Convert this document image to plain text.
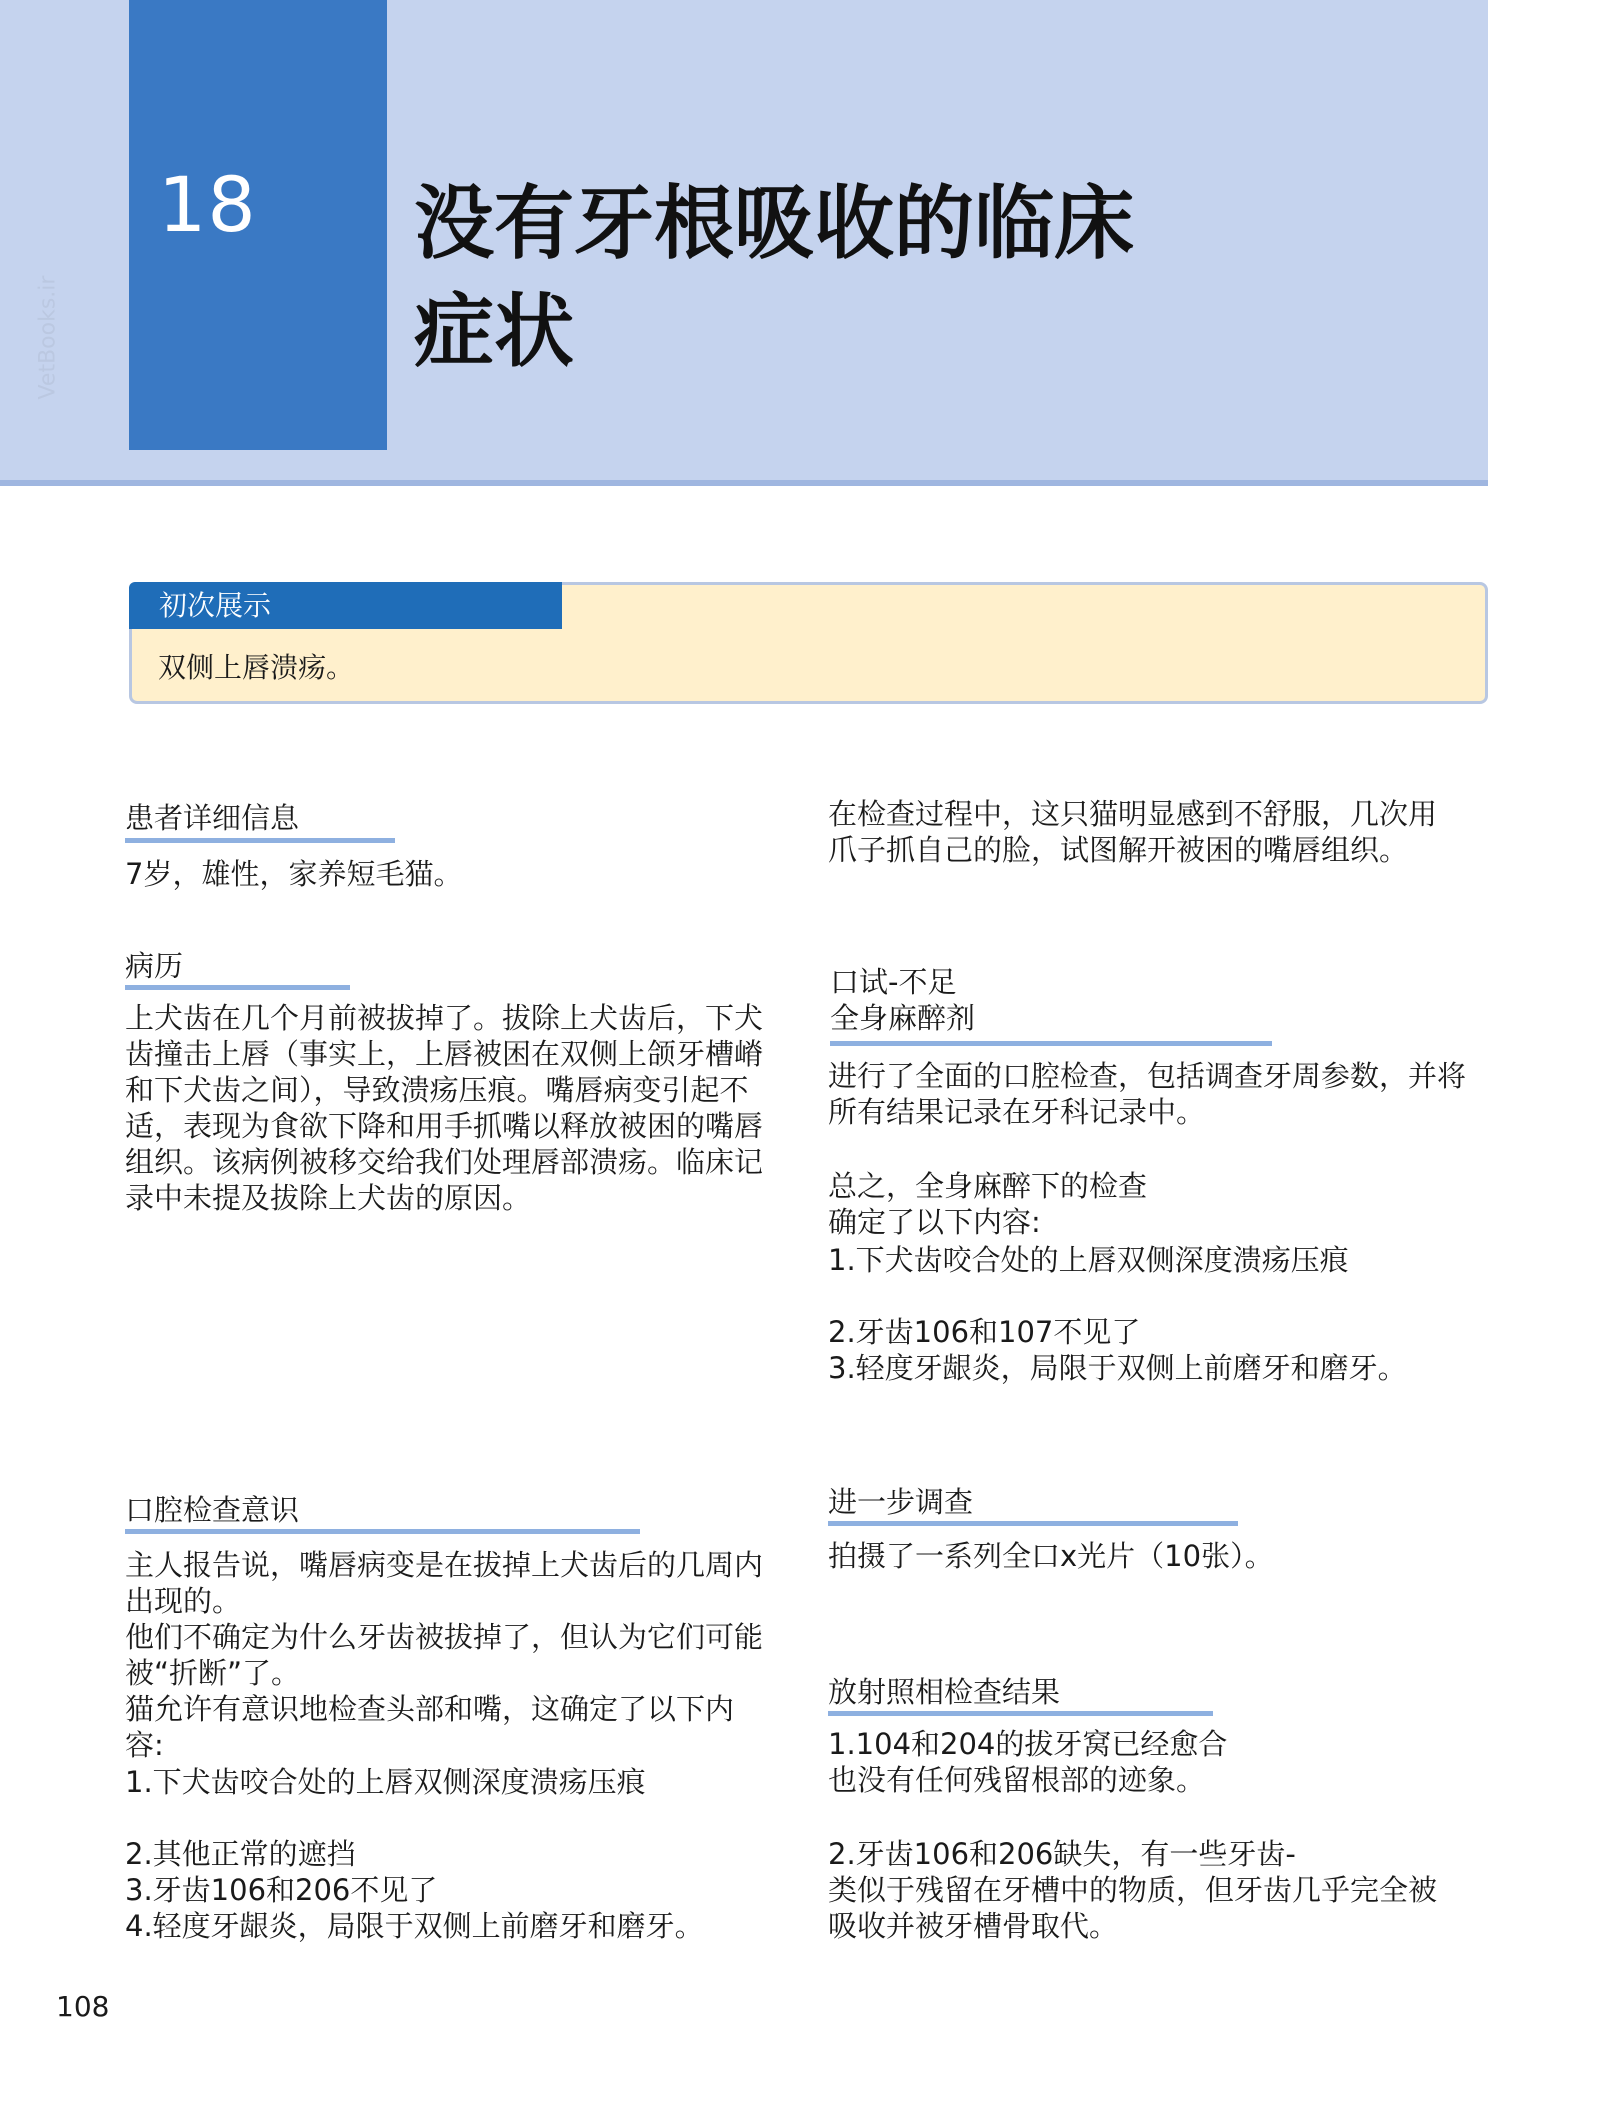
18 没有牙根吸收的临床
症状
VetBooks.ir
初次展示
双侧上唇溃疡。
患者详细信息

7岁，雄性，家养短毛猫。

病历

上犬齿在几个月前被拔掉了。拔除上犬齿后，下犬
齿撞击上唇（事实上，上唇被困在双侧上颌牙槽嵴
和下犬齿之间），导致溃疡压痕。嘴唇病变引起不
适，表现为食欲下降和用手抓嘴以释放被困的嘴唇
组织。该病例被移交给我们处理唇部溃疡。临床记
录中未提及拔除上犬齿的原因。

口腔检查意识

主人报告说，嘴唇病变是在拔掉上犬齿后的几周内
出现的。
他们不确定为什么牙齿被拔掉了，但认为它们可能
被“折断”了。
猫允许有意识地检查头部和嘴，这确定了以下内
容:

1.下犬齿咬合处的上唇双侧深度溃疡压痕
2.其他正常的遮挡
3.牙齿106和206不见了
4.轻度牙龈炎，局限于双侧上前磨牙和磨牙。

在检查过程中，这只猫明显感到不舒服，几次用
爪子抓自己的脸，试图解开被困的嘴唇组织。

口试-不足
全身麻醉剂

进行了全面的口腔检查，包括调查牙周参数，并将
所有结果记录在牙科记录中。

总之，全身麻醉下的检查
确定了以下内容:

1.下犬齿咬合处的上唇双侧深度溃疡压痕
2.牙齿106和107不见了
3.轻度牙龈炎，局限于双侧上前磨牙和磨牙。
进一步调查

拍摄了一系列全口x光片（10张）。

放射照相检查结果
1.104和204的拔牙窝已经愈合
也没有任何残留根部的迹象。
2.牙齿106和206缺失，有一些牙齿-
类似于残留在牙槽中的物质，但牙齿几乎完全被
吸收并被牙槽骨取代。
108
